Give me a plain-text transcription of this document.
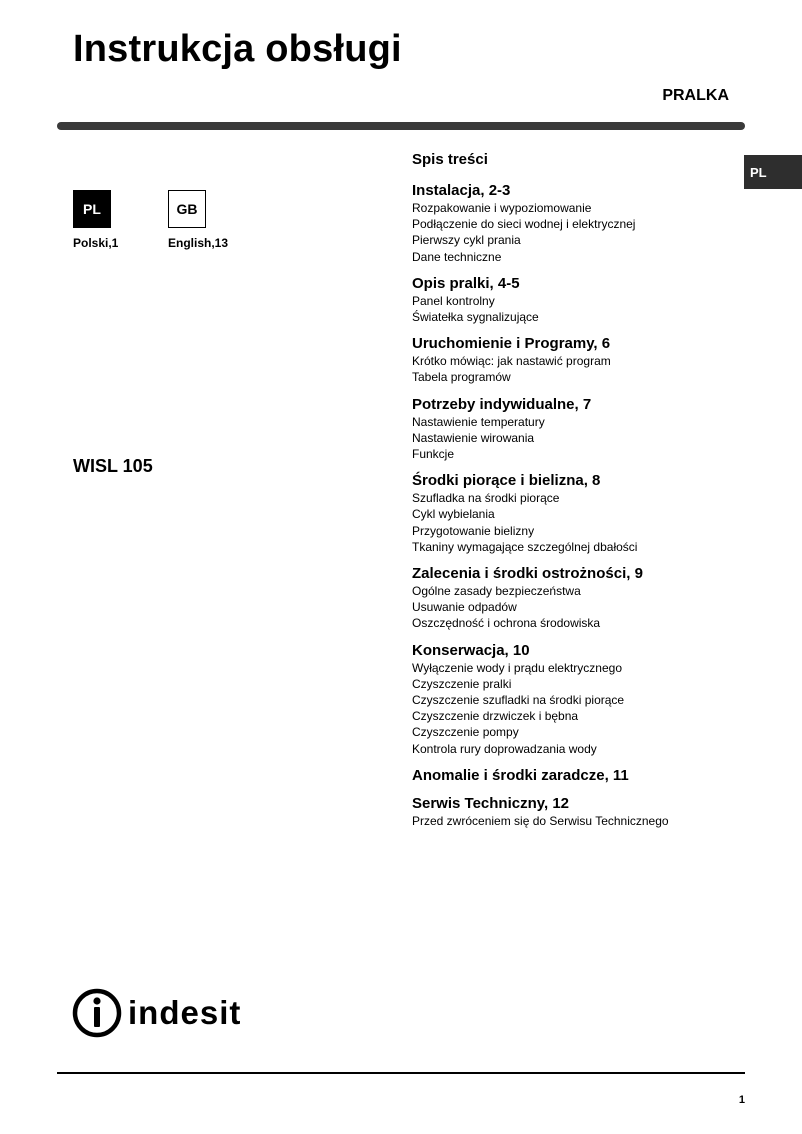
Instrukcja obsługi
PRALKA
PL
PL
Polski,1
GB
English,13
WISL 105
Spis treści
Instalacja, 2-3
Rozpakowanie i wypoziomowanie
Podłączenie do sieci wodnej i elektrycznej
Pierwszy cykl prania
Dane techniczne
Opis pralki, 4-5
Panel kontrolny
Światełka sygnalizujące
Uruchomienie i Programy, 6
Krótko mówiąc: jak nastawić program
Tabela programów
Potrzeby indywidualne, 7
Nastawienie temperatury
Nastawienie wirowania
Funkcje
Środki piorące i bielizna, 8
Szufladka na środki piorące
Cykl wybielania
Przygotowanie bielizny
Tkaniny wymagające szczególnej dbałości
Zalecenia i środki ostrożności, 9
Ogólne zasady bezpieczeństwa
Usuwanie odpadów
Oszczędność i ochrona środowiska
Konserwacja, 10
Wyłączenie wody i prądu elektrycznego
Czyszczenie pralki
Czyszczenie szufladki na środki piorące
Czyszczenie drzwiczek i bębna
Czyszczenie pompy
Kontrola rury doprowadzania wody
Anomalie i środki zaradcze, 11
Serwis Techniczny, 12
Przed zwróceniem się do Serwisu Technicznego
indesit
1
